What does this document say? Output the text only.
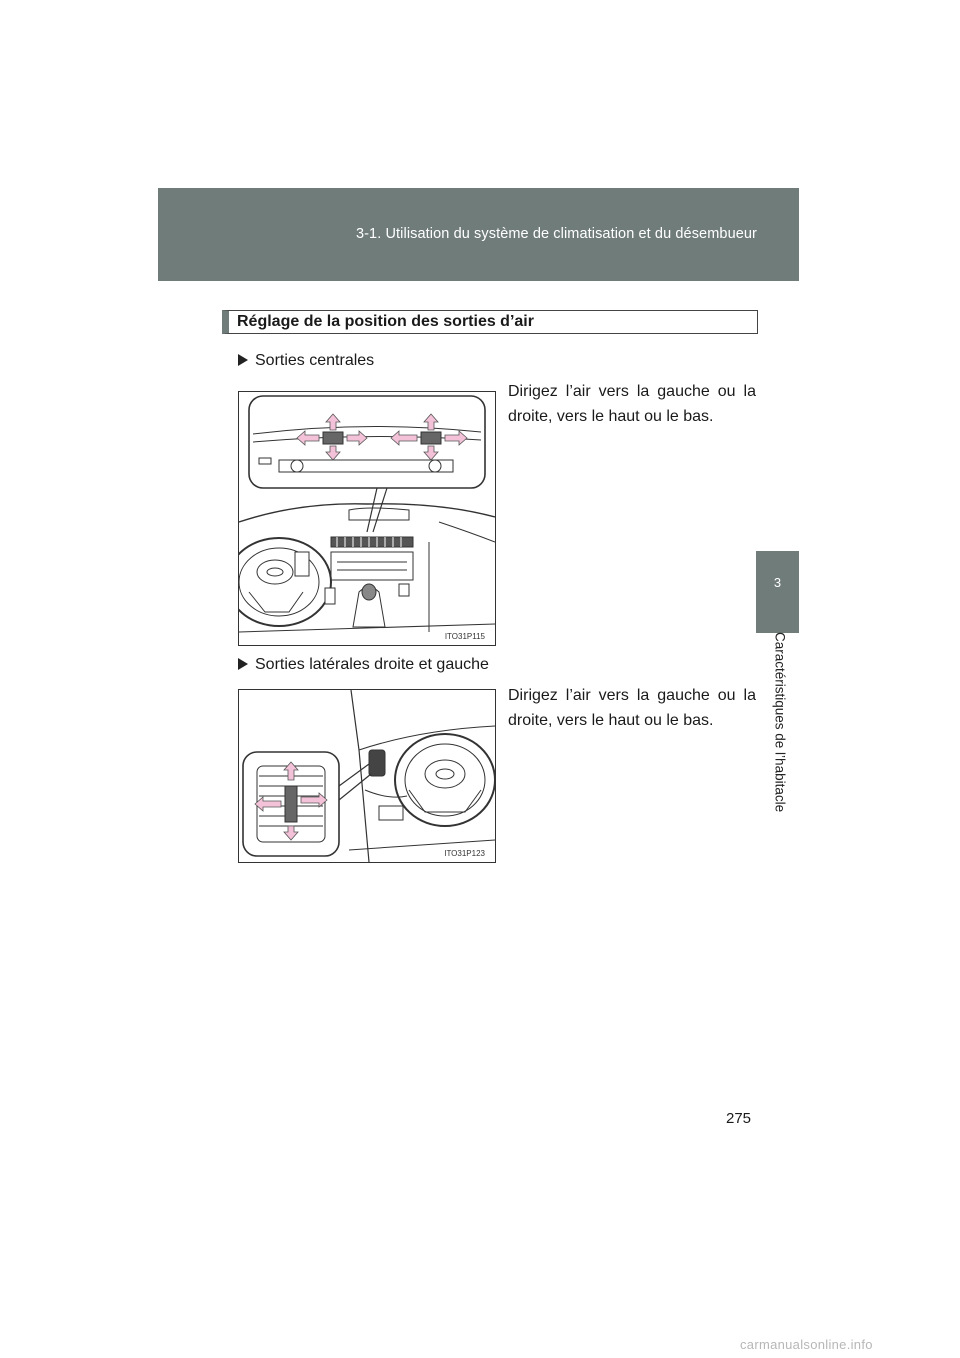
3-1. Utilisation du système de climatisation et du désembueur
3
Caractéristiques de l’habitacle
Réglage de la position des sorties d’air
Sorties centrales
Dirigez l’air vers la gauche ou la droite, vers le haut ou le bas.
ITO31P115
Sorties latérales droite et gauche
Dirigez l’air vers la gauche ou la droite, vers le haut ou le bas.
ITO31P123
275
carmanualsonline.info
